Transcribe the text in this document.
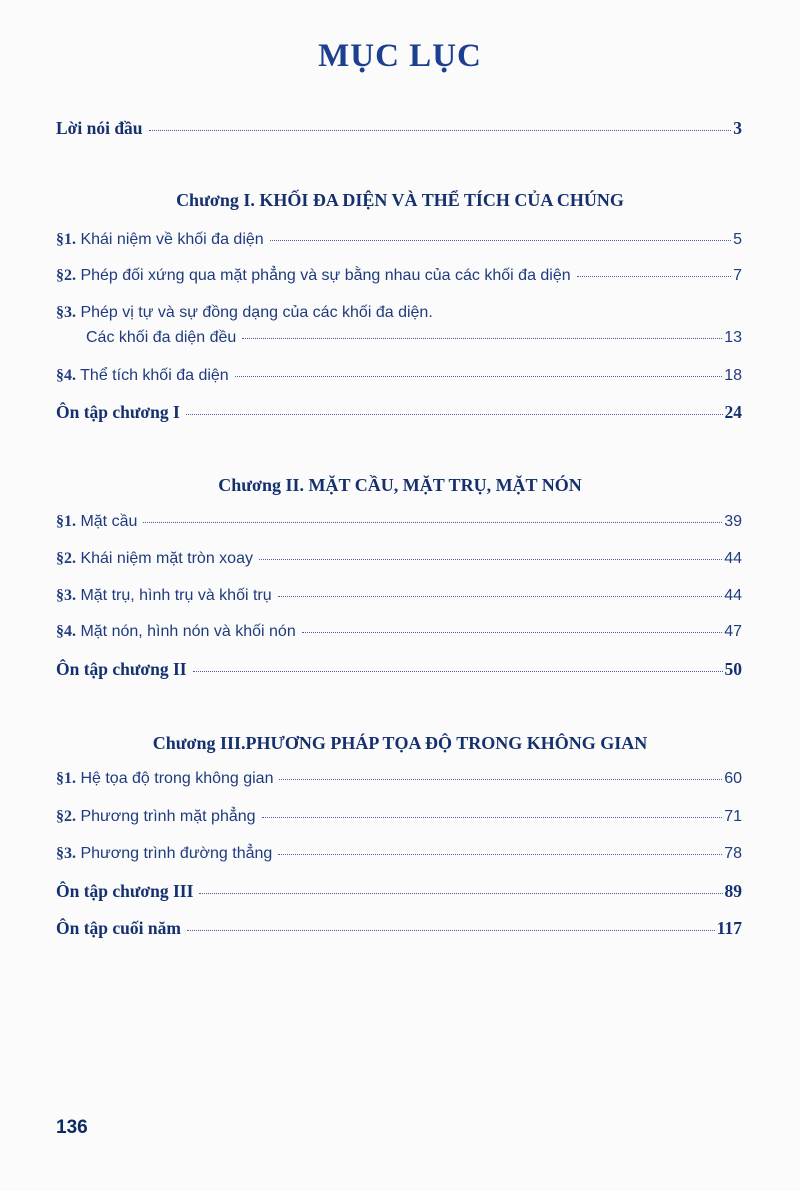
MỤC LỤC
Lời nói đầu	3
Chương I. KHỐI ĐA DIỆN VÀ THỂ TÍCH CỦA CHÚNG
§1. Khái niệm về khối đa diện	5
§2. Phép đối xứng qua mặt phẳng và sự bằng nhau của các khối đa diện	7
§3. Phép vị tự và sự đồng dạng của các khối đa diện.
Các khối đa diện đều	13
§4. Thể tích khối đa diện	18
Ôn tập chương I	24
Chương II. MẶT CẦU, MẶT TRỤ, MẶT NÓN
§1. Mặt cầu	39
§2. Khái niệm mặt tròn xoay	44
§3. Mặt trụ, hình trụ và khối trụ	44
§4. Mặt nón, hình nón và khối nón	47
Ôn tập chương II	50
Chương III.PHƯƠNG PHÁP TỌA ĐỘ TRONG KHÔNG GIAN
§1. Hệ tọa độ trong không gian	60
§2. Phương trình mặt phẳng	71
§3. Phương trình đường thẳng	78
Ôn tập chương III	89
Ôn tập cuối năm	117
136
